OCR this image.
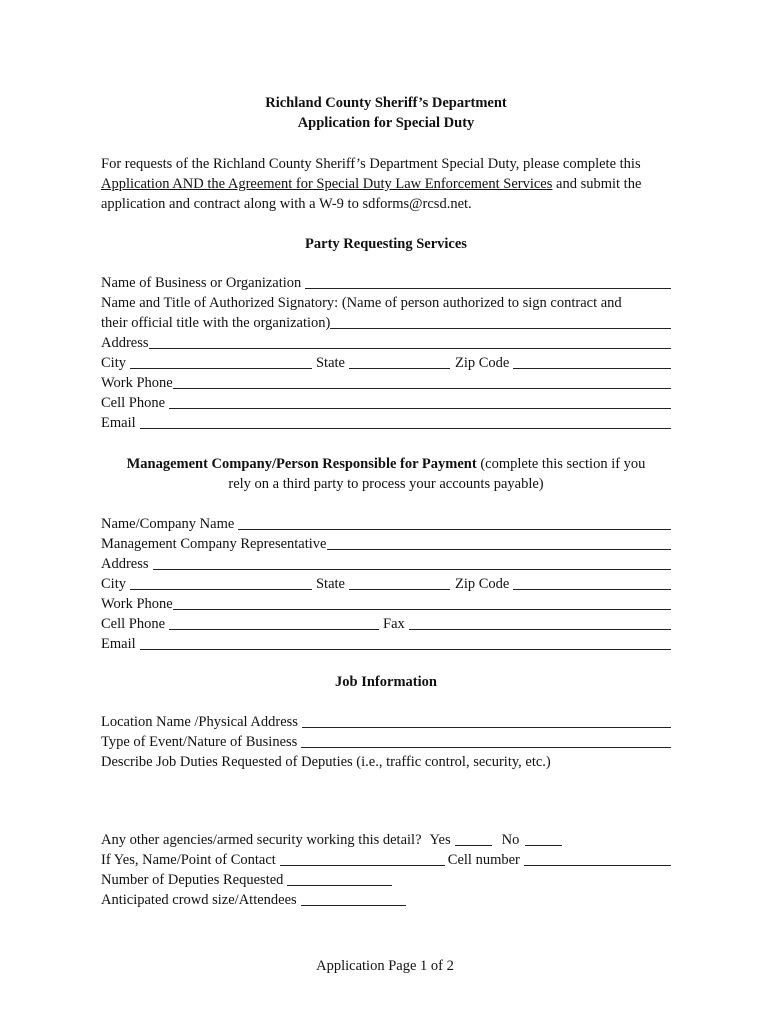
Richland County Sheriff’s Department
Application for Special Duty
For requests of the Richland County Sheriff’s Department Special Duty, please complete this Application AND the Agreement for Special Duty Law Enforcement Services and submit the application and contract along with a W-9 to sdforms@rcsd.net.
Party Requesting Services
Name of Business or Organization
Name and Title of Authorized Signatory: (Name of person authorized to sign contract and
their official title with the organization)
Address
City	State	Zip Code
Work Phone
Cell Phone
Email
Management Company/Person Responsible for Payment (complete this section if you
rely on a third party to process your accounts payable)
Name/Company Name
Management Company Representative
Address
City	State	Zip Code
Work Phone
Cell Phone	Fax
Email
Job Information
Location Name /Physical Address
Type of Event/Nature of Business
Describe Job Duties Requested of Deputies (i.e., traffic control, security, etc.)
Any other agencies/armed security working this detail? Yes	No
If Yes, Name/Point of Contact	Cell number
Number of Deputies Requested
Anticipated crowd size/Attendees
Application Page 1 of 2
